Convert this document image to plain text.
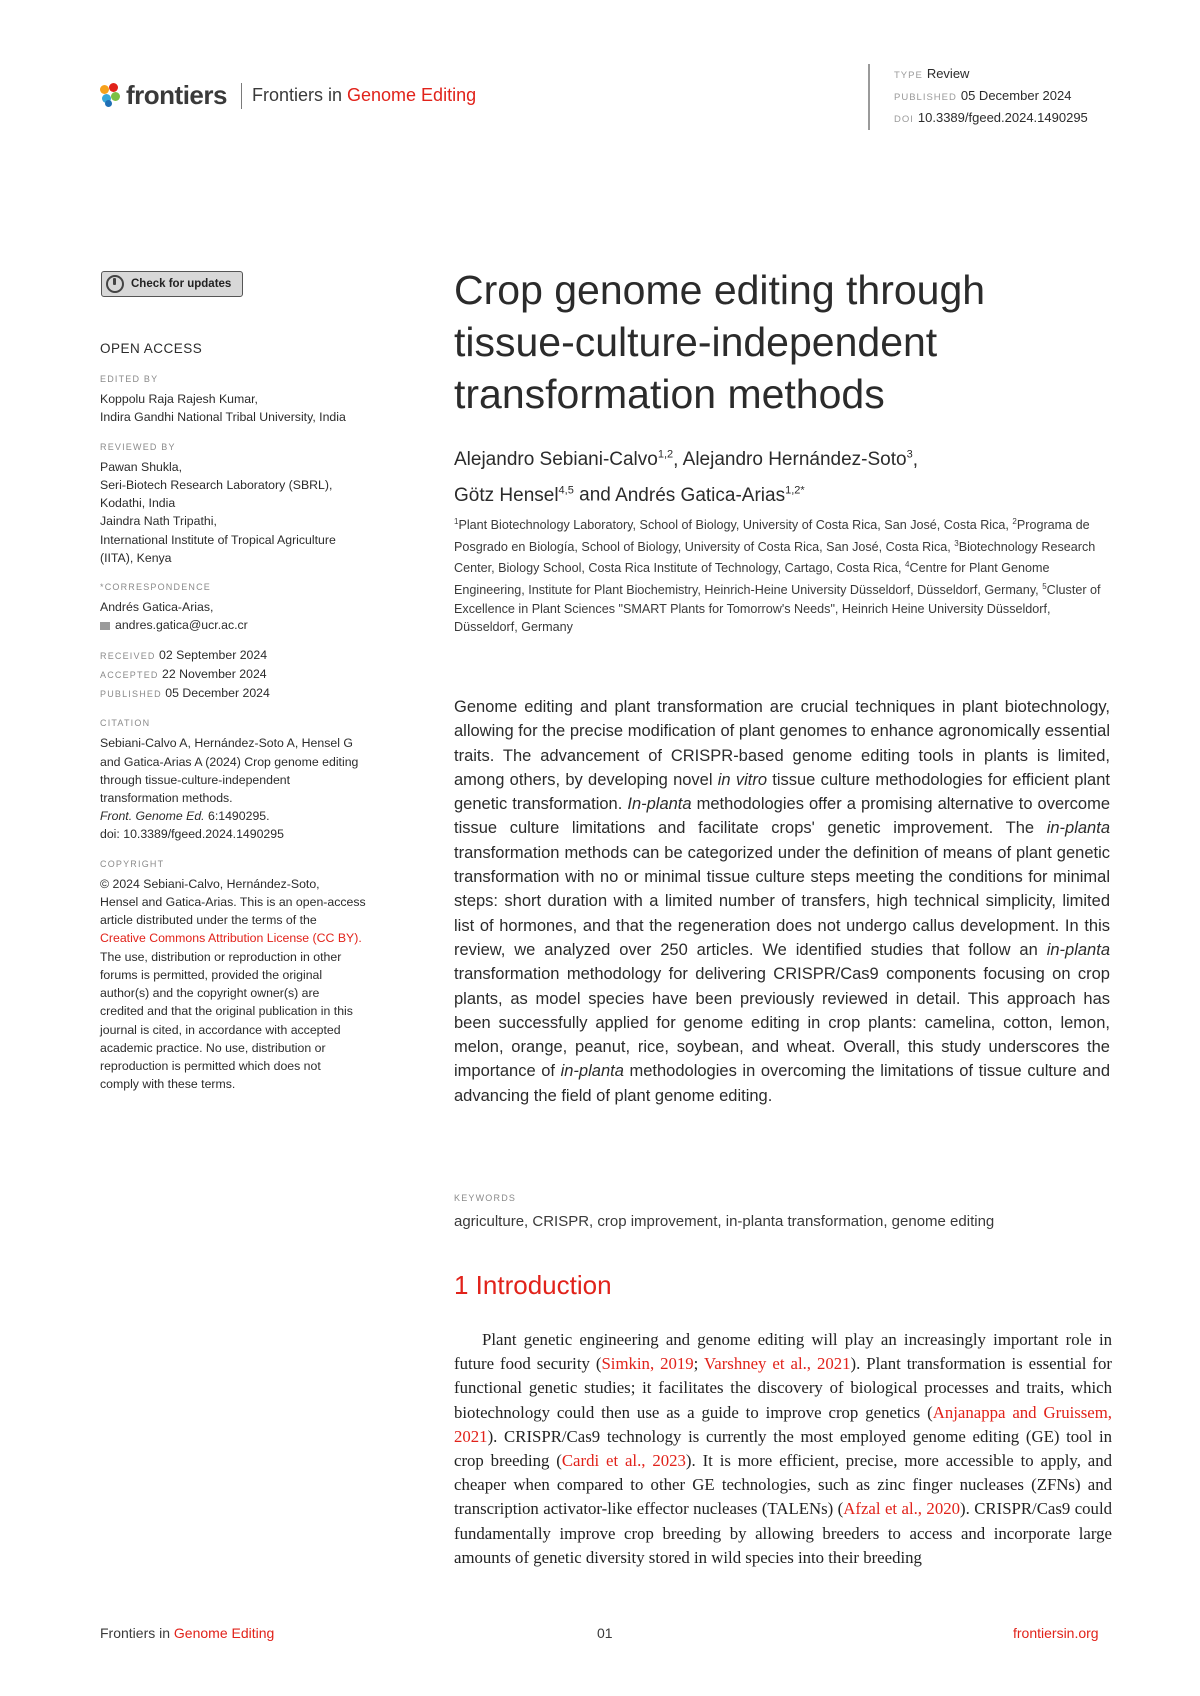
frontiers Frontiers in Genome Editing
TYPE Review
PUBLISHED 05 December 2024
DOI 10.3389/fgeed.2024.1490295
Check for updates
OPEN ACCESS
EDITED BY
Koppolu Raja Rajesh Kumar,
Indira Gandhi National Tribal University, India
REVIEWED BY
Pawan Shukla,
Seri-Biotech Research Laboratory (SBRL),
Kodathi, India
Jaindra Nath Tripathi,
International Institute of Tropical Agriculture
(IITA), Kenya
*CORRESPONDENCE
Andrés Gatica-Arias,
andres.gatica@ucr.ac.cr
RECEIVED 02 September 2024
ACCEPTED 22 November 2024
PUBLISHED 05 December 2024
CITATION
Sebiani-Calvo A, Hernández-Soto A, Hensel G
and Gatica-Arias A (2024) Crop genome editing
through tissue-culture-independent
transformation methods.
Front. Genome Ed. 6:1490295.
doi: 10.3389/fgeed.2024.1490295
COPYRIGHT
© 2024 Sebiani-Calvo, Hernández-Soto,
Hensel and Gatica-Arias. This is an open-access
article distributed under the terms of the
Creative Commons Attribution License (CC BY).
The use, distribution or reproduction in other
forums is permitted, provided the original
author(s) and the copyright owner(s) are
credited and that the original publication in this
journal is cited, in accordance with accepted
academic practice. No use, distribution or
reproduction is permitted which does not
comply with these terms.
Crop genome editing through
tissue-culture-independent
transformation methods
Alejandro Sebiani-Calvo$^{1,2}$, Alejandro Hernández-Soto$^3$,
Götz Hensel$^{4,5}$ and Andrés Gatica-Arias$^{1,2*}$
$^1$Plant Biotechnology Laboratory, School of Biology, University of Costa Rica, San José, Costa Rica, $^2$Programa de Posgrado en Biología, School of Biology, University of Costa Rica, San José, Costa Rica, $^3$Biotechnology Research Center, Biology School, Costa Rica Institute of Technology, Cartago, Costa Rica, $^4$Centre for Plant Genome Engineering, Institute for Plant Biochemistry, Heinrich-Heine University Düsseldorf, Düsseldorf, Germany, $^5$Cluster of Excellence in Plant Sciences "SMART Plants for Tomorrow's Needs", Heinrich Heine University Düsseldorf, Düsseldorf, Germany
Genome editing and plant transformation are crucial techniques in plant biotechnology, allowing for the precise modification of plant genomes to enhance agronomically essential traits. The advancement of CRISPR-based genome editing tools in plants is limited, among others, by developing novel in vitro tissue culture methodologies for efficient plant genetic transformation. In-planta methodologies offer a promising alternative to overcome tissue culture limitations and facilitate crops' genetic improvement. The in-planta transformation methods can be categorized under the definition of means of plant genetic transformation with no or minimal tissue culture steps meeting the conditions for minimal steps: short duration with a limited number of transfers, high technical simplicity, limited list of hormones, and that the regeneration does not undergo callus development. In this review, we analyzed over 250 articles. We identified studies that follow an in-planta transformation methodology for delivering CRISPR/Cas9 components focusing on crop plants, as model species have been previously reviewed in detail. This approach has been successfully applied for genome editing in crop plants: camelina, cotton, lemon, melon, orange, peanut, rice, soybean, and wheat. Overall, this study underscores the importance of in-planta methodologies in overcoming the limitations of tissue culture and advancing the field of plant genome editing.
KEYWORDS
agriculture, CRISPR, crop improvement, in-planta transformation, genome editing
1 Introduction

Plant genetic engineering and genome editing will play an increasingly important role in future food security (Simkin, 2019; Varshney et al., 2021). Plant transformation is essential for functional genetic studies; it facilitates the discovery of biological processes and traits, which biotechnology could then use as a guide to improve crop genetics (Anjanappa and Gruissem, 2021). CRISPR/Cas9 technology is currently the most employed genome editing (GE) tool in crop breeding (Cardi et al., 2023). It is more efficient, precise, more accessible to apply, and cheaper when compared to other GE technologies, such as zinc finger nucleases (ZFNs) and transcription activator-like effector nucleases (TALENs) (Afzal et al., 2020). CRISPR/Cas9 could fundamentally improve crop breeding by allowing breeders to access and incorporate large amounts of genetic diversity stored in wild species into their breeding

Frontiers in Genome Editing	01	frontiersin.org
